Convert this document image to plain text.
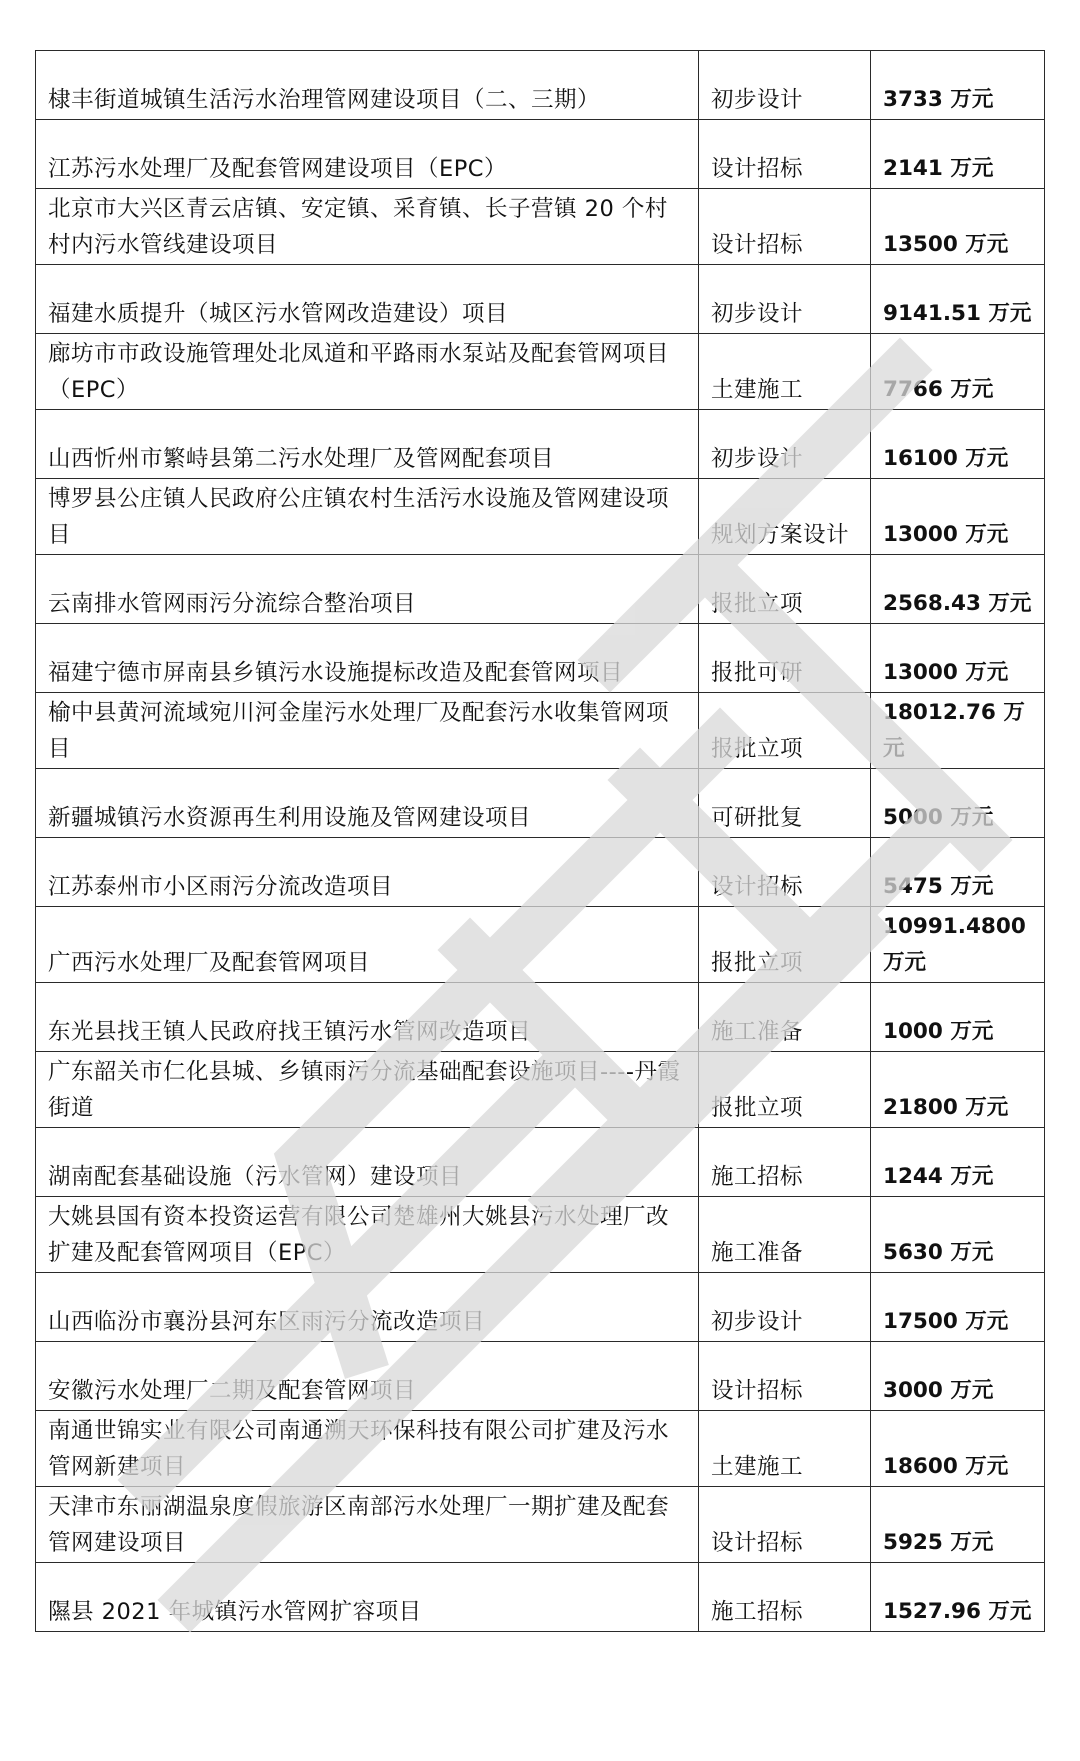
棣丰街道城镇生活污水治理管网建设项目（二、三期）	初步设计	3733 万元
江苏污水处理厂及配套管网建设项目（EPC）	设计招标	2141 万元
北京市大兴区青云店镇、安定镇、采育镇、长子营镇 20 个村村内污水管线建设项目	设计招标	13500 万元
福建水质提升（城区污水管网改造建设）项目	初步设计	9141.51 万元
廊坊市市政设施管理处北凤道和平路雨水泵站及配套管网项目（EPC）	土建施工	7766 万元
山西忻州市繁峙县第二污水处理厂及管网配套项目	初步设计	16100 万元
博罗县公庄镇人民政府公庄镇农村生活污水设施及管网建设项目	规划方案设计	13000 万元
云南排水管网雨污分流综合整治项目	报批立项	2568.43 万元
福建宁德市屏南县乡镇污水设施提标改造及配套管网项目	报批可研	13000 万元
榆中县黄河流域宛川河金崖污水处理厂及配套污水收集管网项目	报批立项	18012.76 万元
新疆城镇污水资源再生利用设施及管网建设项目	可研批复	5000 万元
江苏泰州市小区雨污分流改造项目	设计招标	5475 万元
广西污水处理厂及配套管网项目	报批立项	10991.4800 万元
东光县找王镇人民政府找王镇污水管网改造项目	施工准备	1000 万元
广东韶关市仁化县城、乡镇雨污分流基础配套设施项目----丹霞街道	报批立项	21800 万元
湖南配套基础设施（污水管网）建设项目	施工招标	1244 万元
大姚县国有资本投资运营有限公司楚雄州大姚县污水处理厂改扩建及配套管网项目（EPC）	施工准备	5630 万元
山西临汾市襄汾县河东区雨污分流改造项目	初步设计	17500 万元
安徽污水处理厂二期及配套管网项目	设计招标	3000 万元
南通世锦实业有限公司南通溯天环保科技有限公司扩建及污水管网新建项目	土建施工	18600 万元
天津市东丽湖温泉度假旅游区南部污水处理厂一期扩建及配套管网建设项目	设计招标	5925 万元
隰县 2021 年城镇污水管网扩容项目	施工招标	1527.96 万元
